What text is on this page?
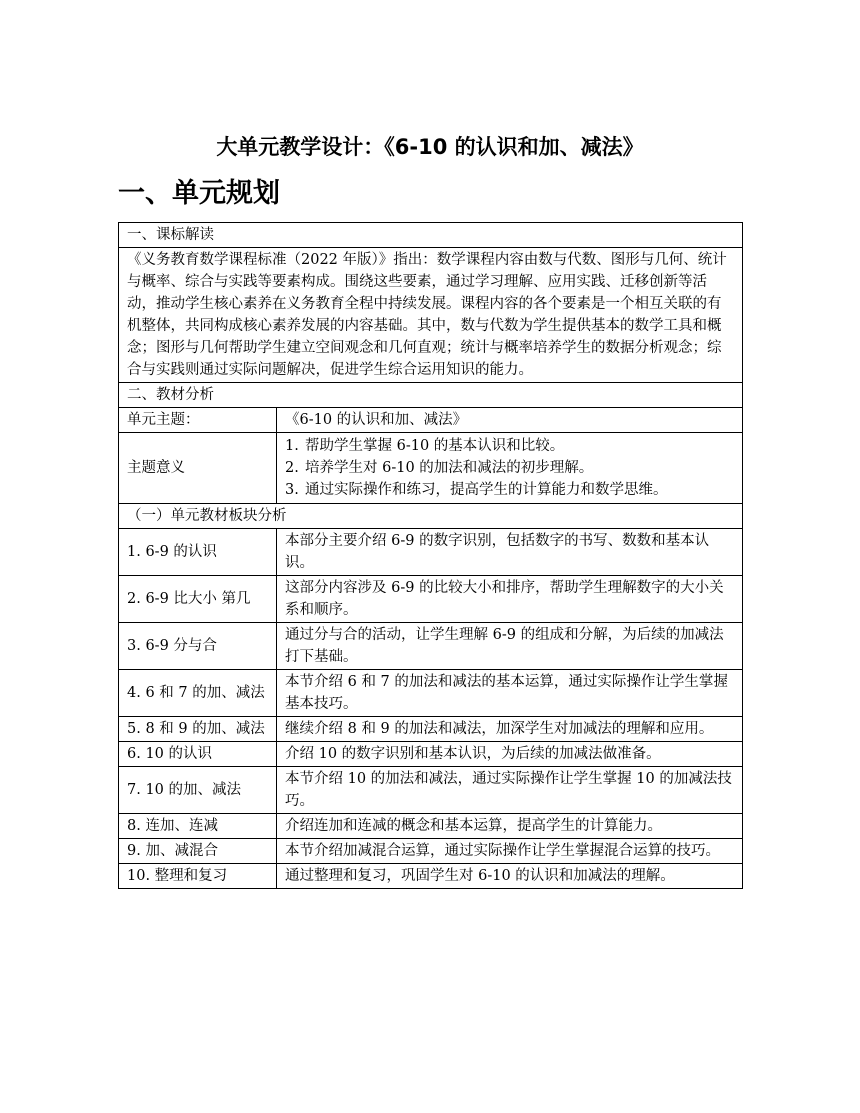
大单元教学设计：《6-10 的认识和加、减法》
一、单元规划
一、课标解读	
《义务教育数学课程标准（2022 年版）》指出：数学课程内容由数与代数、图形与几何、统计与概率、综合与实践等要素构成。围绕这些要素，通过学习理解、应用实践、迁移创新等活动，推动学生核心素养在义务教育全程中持续发展。课程内容的各个要素是一个相互关联的有机整体，共同构成核心素养发展的内容基础。其中，数与代数为学生提供基本的数学工具和概念；图形与几何帮助学生建立空间观念和几何直观；统计与概率培养学生的数据分析观念；综合与实践则通过实际问题解决，促进学生综合运用知识的能力。	
二、教材分析	
单元主题：	《6-10 的认识和加、减法》
主题意义	1. 帮助学生掌握 6-10 的基本认识和比较。
2. 培养学生对 6-10 的加法和减法的初步理解。
3. 通过实际操作和练习，提高学生的计算能力和数学思维。

（一）单元教材板块分析	
1. 6-9 的认识	本部分主要介绍 6-9 的数字识别，包括数字的书写、数数和基本认识。
2. 6-9 比大小 第几	这部分内容涉及 6-9 的比较大小和排序，帮助学生理解数字的大小关系和顺序。
3. 6-9 分与合	通过分与合的活动，让学生理解 6-9 的组成和分解，为后续的加减法打下基础。
4. 6 和 7 的加、减法	本节介绍 6 和 7 的加法和减法的基本运算，通过实际操作让学生掌握基本技巧。
5. 8 和 9 的加、减法	继续介绍 8 和 9 的加法和减法，加深学生对加减法的理解和应用。
6. 10 的认识	介绍 10 的数字识别和基本认识，为后续的加减法做准备。
7. 10 的加、减法	本节介绍 10 的加法和减法，通过实际操作让学生掌握 10 的加减法技巧。
8. 连加、连减	介绍连加和连减的概念和基本运算，提高学生的计算能力。
9. 加、减混合	本节介绍加减混合运算，通过实际操作让学生掌握混合运算的技巧。
10. 整理和复习	通过整理和复习，巩固学生对 6-10 的认识和加减法的理解。
